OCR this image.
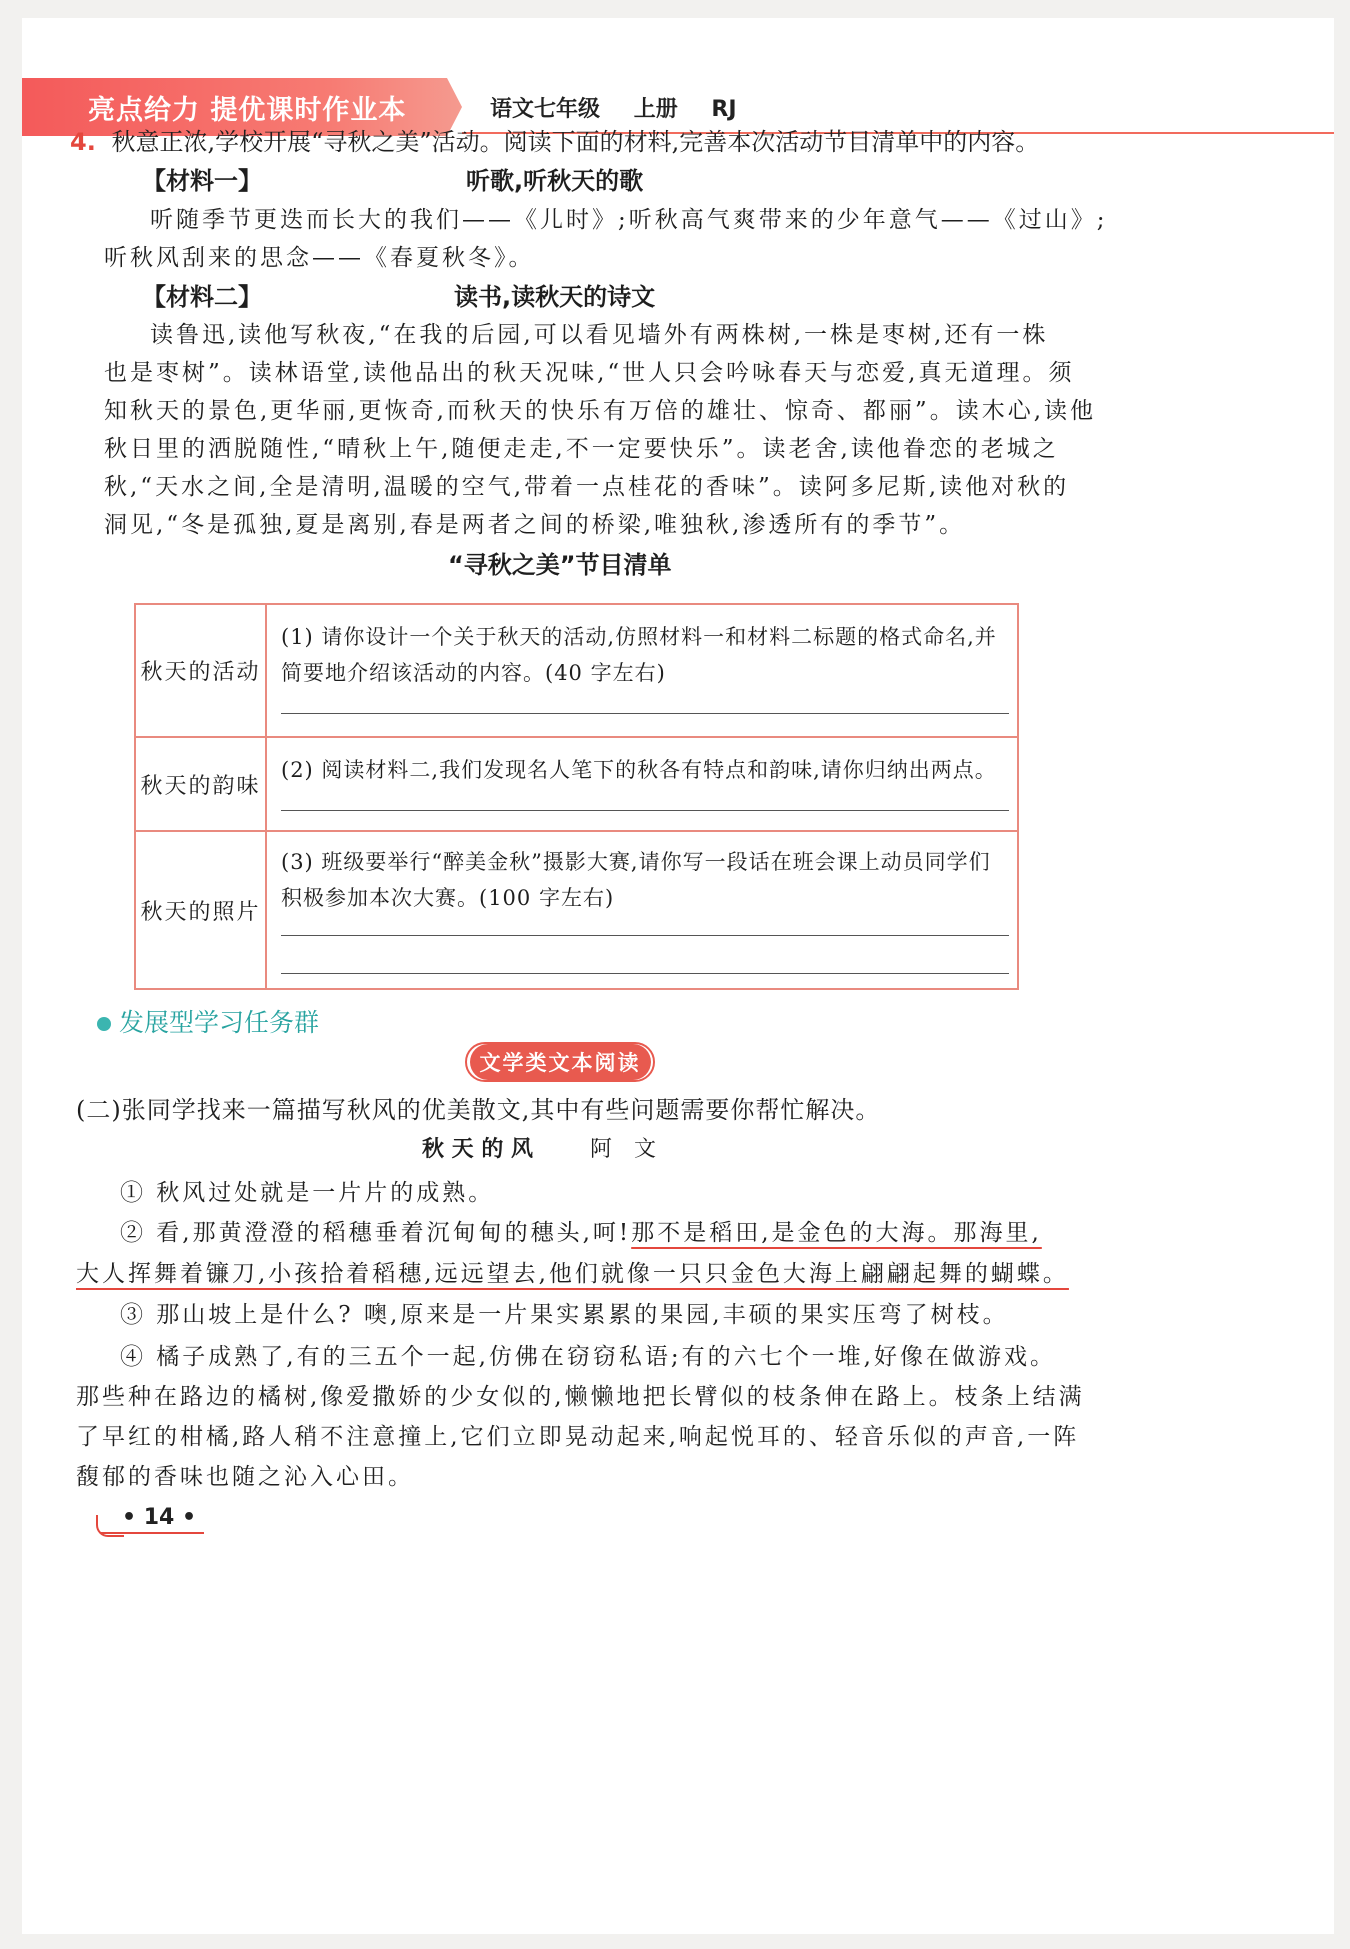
亮点给力 提优课时作业本	语文七年级 上册 RJ
4. 秋意正浓,学校开展“寻秋之美”活动。阅读下面的材料,完善本次活动节目清单中的内容。
【材料一】	听歌,听秋天的歌
听随季节更迭而长大的我们——《儿时》;听秋高气爽带来的少年意气——《过山》;
听秋风刮来的思念——《春夏秋冬》。
【材料二】	读书,读秋天的诗文
读鲁迅,读他写秋夜,“在我的后园,可以看见墙外有两株树,一株是枣树,还有一株
也是枣树”。读林语堂,读他品出的秋天况味,“世人只会吟咏春天与恋爱,真无道理。须
知秋天的景色,更华丽,更恢奇,而秋天的快乐有万倍的雄壮、惊奇、都丽”。读木心,读他
秋日里的洒脱随性,“晴秋上午,随便走走,不一定要快乐”。读老舍,读他眷恋的老城之
秋,“天水之间,全是清明,温暖的空气,带着一点桂花的香味”。读阿多尼斯,读他对秋的
洞见,“冬是孤独,夏是离别,春是两者之间的桥梁,唯独秋,渗透所有的季节”。
“寻秋之美”节目清单
秋天的活动
(1) 请你设计一个关于秋天的活动,仿照材料一和材料二标题的格式命名,并
简要地介绍该活动的内容。(40 字左右)
秋天的韵味
(2) 阅读材料二,我们发现名人笔下的秋各有特点和韵味,请你归纳出两点。
秋天的照片
(3) 班级要举行“醉美金秋”摄影大赛,请你写一段话在班会课上动员同学们
积极参加本次大赛。(100 字左右)
发展型学习任务群
文学类文本阅读
(二)张同学找来一篇描写秋风的优美散文,其中有些问题需要你帮忙解决。
秋 天 的 风	阿　文
① 秋风过处就是一片片的成熟。
② 看,那黄澄澄的稻穗垂着沉甸甸的穗头,呵!那不是稻田,是金色的大海。那海里,
大人挥舞着镰刀,小孩拾着稻穗,远远望去,他们就像一只只金色大海上翩翩起舞的蝴蝶。
③ 那山坡上是什么? 噢,原来是一片果实累累的果园,丰硕的果实压弯了树枝。
④ 橘子成熟了,有的三五个一起,仿佛在窃窃私语;有的六七个一堆,好像在做游戏。
那些种在路边的橘树,像爱撒娇的少女似的,懒懒地把长臂似的枝条伸在路上。枝条上结满
了早红的柑橘,路人稍不注意撞上,它们立即晃动起来,响起悦耳的、轻音乐似的声音,一阵
馥郁的香味也随之沁入心田。
• 14 •
